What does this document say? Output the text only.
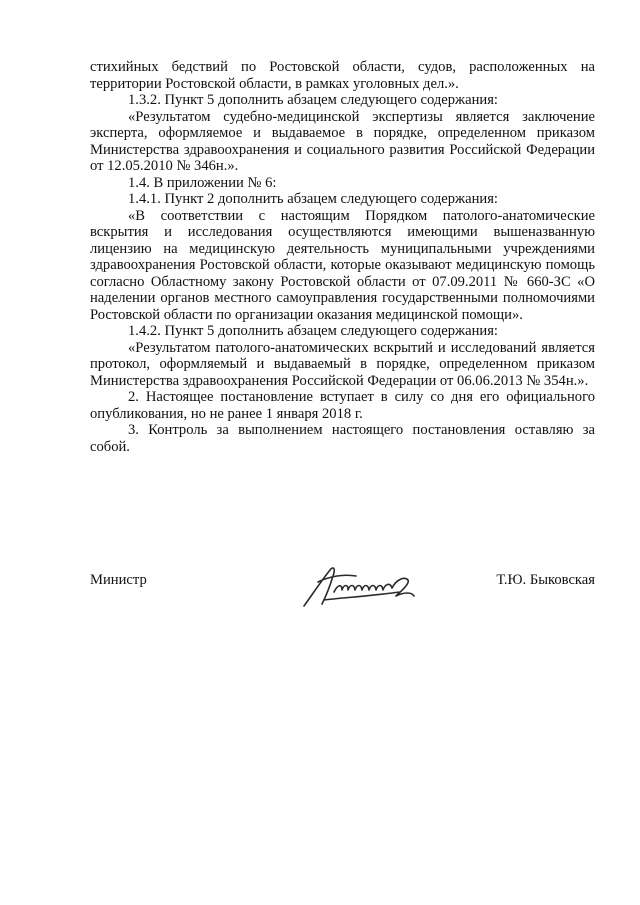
стихийных бедствий по Ростовской области, судов, расположенных на территории Ростовской области, в рамках уголовных дел.».

1.3.2. Пункт 5 дополнить абзацем следующего содержания:

«Результатом судебно-медицинской экспертизы является заключение эксперта, оформляемое и выдаваемое в порядке, определенном приказом Министерства здравоохранения и социального развития Российской Федерации от 12.05.2010 № 346н.».

1.4. В приложении № 6:

1.4.1. Пункт 2 дополнить абзацем следующего содержания:

«В соответствии с настоящим Порядком патолого-анатомические вскрытия и исследования осуществляются имеющими вышеназванную лицензию на медицинскую деятельность муниципальными учреждениями здравоохранения Ростовской области, которые оказывают медицинскую помощь согласно Областному закону Ростовской области от 07.09.2011 № 660-ЗС «О наделении органов местного самоуправления государственными полномочиями Ростовской области по организации оказания медицинской помощи».

1.4.2. Пункт 5 дополнить абзацем следующего содержания:

«Результатом патолого-анатомических вскрытий и исследований является протокол, оформляемый и выдаваемый в порядке, определенном приказом Министерства здравоохранения Российской Федерации от 06.06.2013 № 354н.».

2. Настоящее постановление вступает в силу со дня его официального опубликования, но не ранее 1 января 2018 г.

3. Контроль за выполнением настоящего постановления оставляю за собой.

Министр	Т.Ю. Быковская
